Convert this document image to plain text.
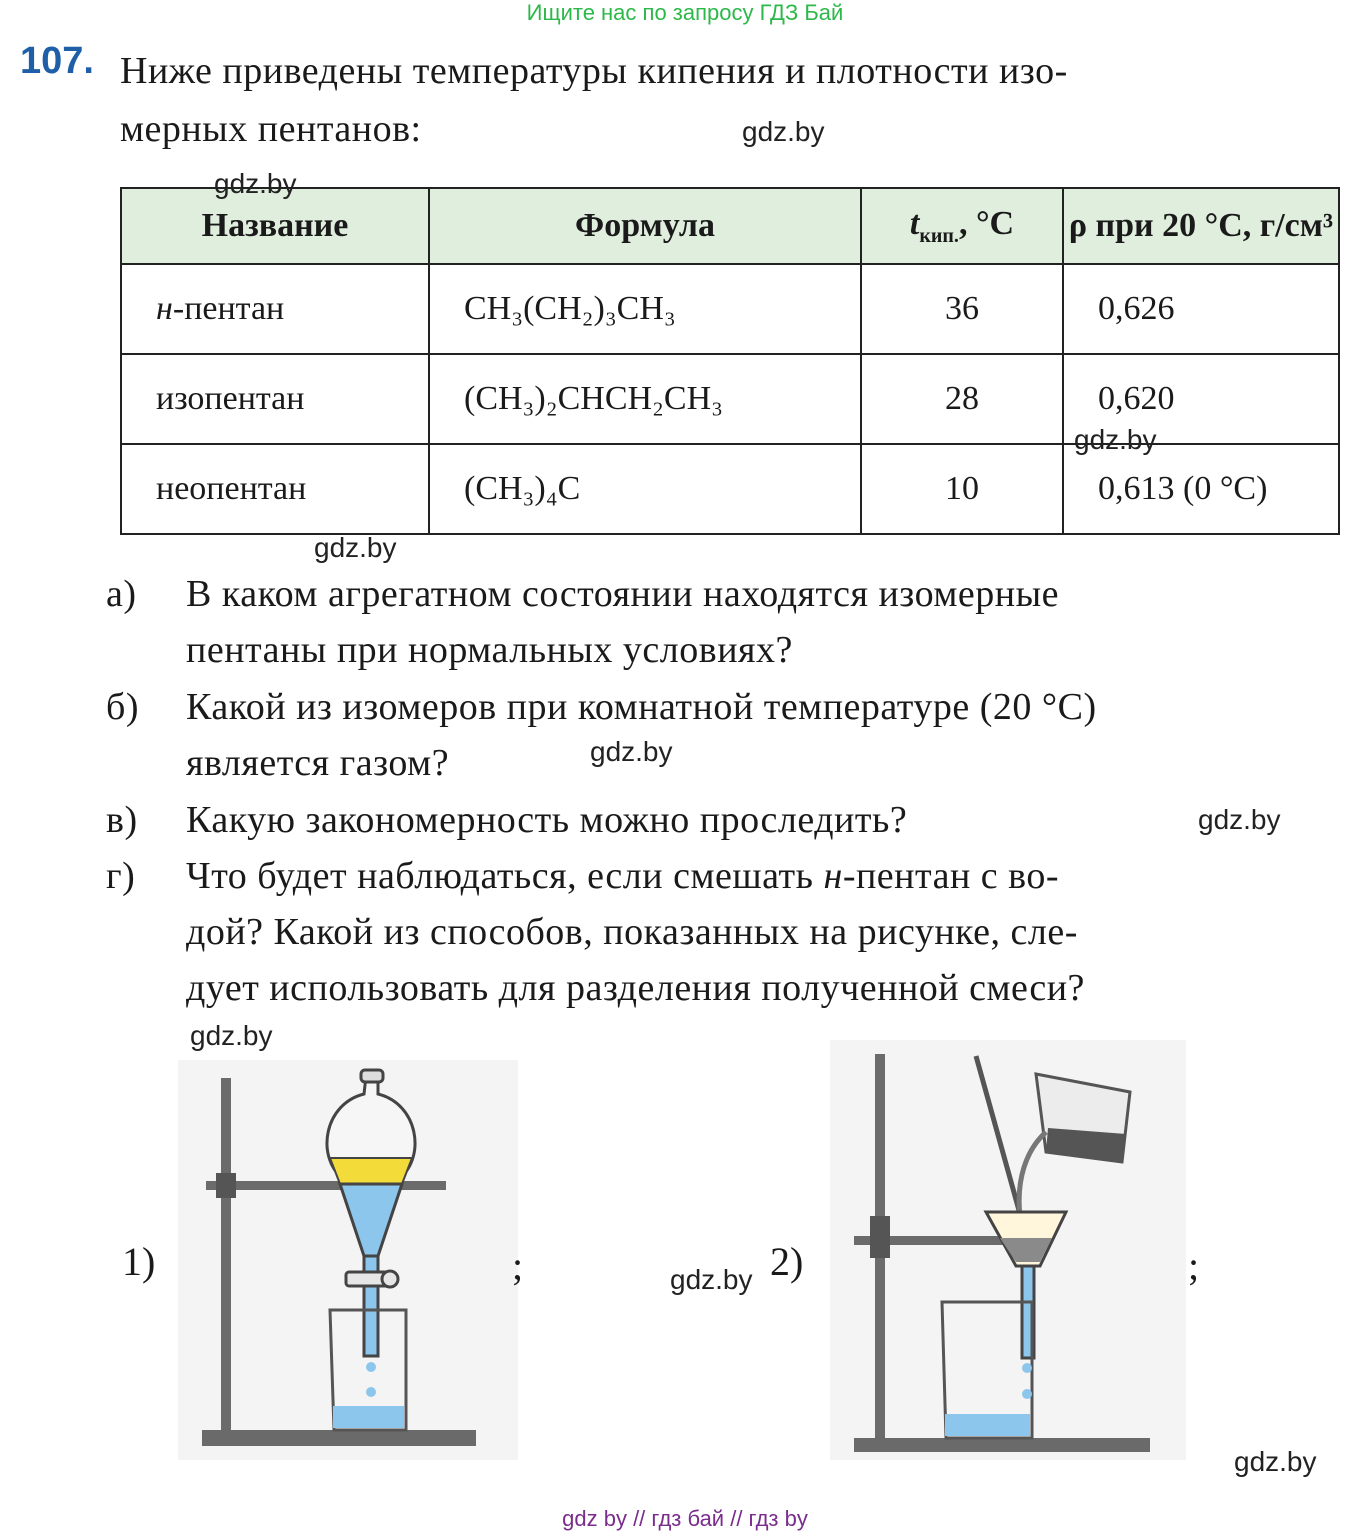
Ищите нас по запросу ГДЗ Бай
107. Ниже приведены температуры кипения и плотности изо-
мерных пентанов:	gdz.by
gdz.by
Название	Формула	$t_{кип.}$, °С	ρ при 20 °С, г/см³
н-пентан	CH₃(CH₂)₃CH₃	36	0,626
изопентан	(CH₃)₂CHCH₂CH₃	28	0,620
неопентан	(CH₃)₄C	10	0,613 (0 °С)
gdz.by
gdz.by
а)	В каком агрегатном состоянии находятся изомерные
пентаны при нормальных условиях?
б)	Какой из изомеров при комнатной температуре (20 °С)
является газом?	gdz.by
в)	Какую закономерность можно проследить?	gdz.by
г)	Что будет наблюдаться, если смешать н-пентан с во-
дой? Какой из способов, показанных на рисунке, сле-
дует использовать для разделения полученной смеси?
gdz.by
1)	;	gdz.by 2)	;
gdz.by
gdz by // гдз бай // гдз by
